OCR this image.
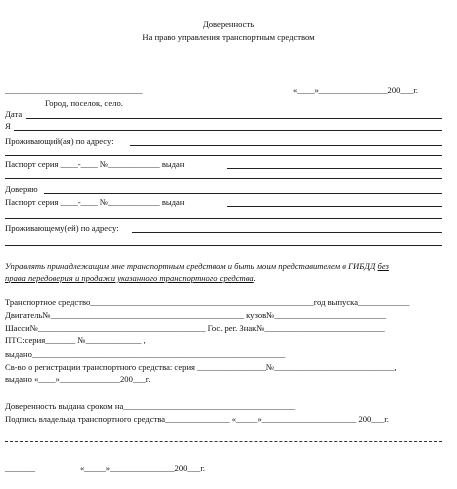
Доверенность
На право управления транспортным средством
________________________________	«____»________________200___г.
Город, поселок, село.
Дата
Я
Проживающий(ая) по адресу:
Паспорт серия ____-____ №____________ выдан
Доверяю
Паспорт серия ____-____ №____________ выдан
Проживающему(ей) по адресу:
Управлять принадлежащим мне транспортным средством и быть моим представителем в ГИБДД без
права передоверия и продажи указанного транспортного средства.
Транспортное средство____________________________________________________год выпуска____________
Двигатель№_____________________________________________ кузов№__________________________
Шасси№_______________________________________ Гос. рег. Знак№____________________________
ПТС:серия_______ №_____________ ,
выдано___________________________________________________________
Св-во о регистрации транспортного средства: серия ________________№____________________________,
выдано «____»______________200___г.
Доверенность выдана сроком на________________________________________
Подпись владельца транспортного средства_______________ «_____»______________________ 200___г.
_______	«_____»_______________200___г.
